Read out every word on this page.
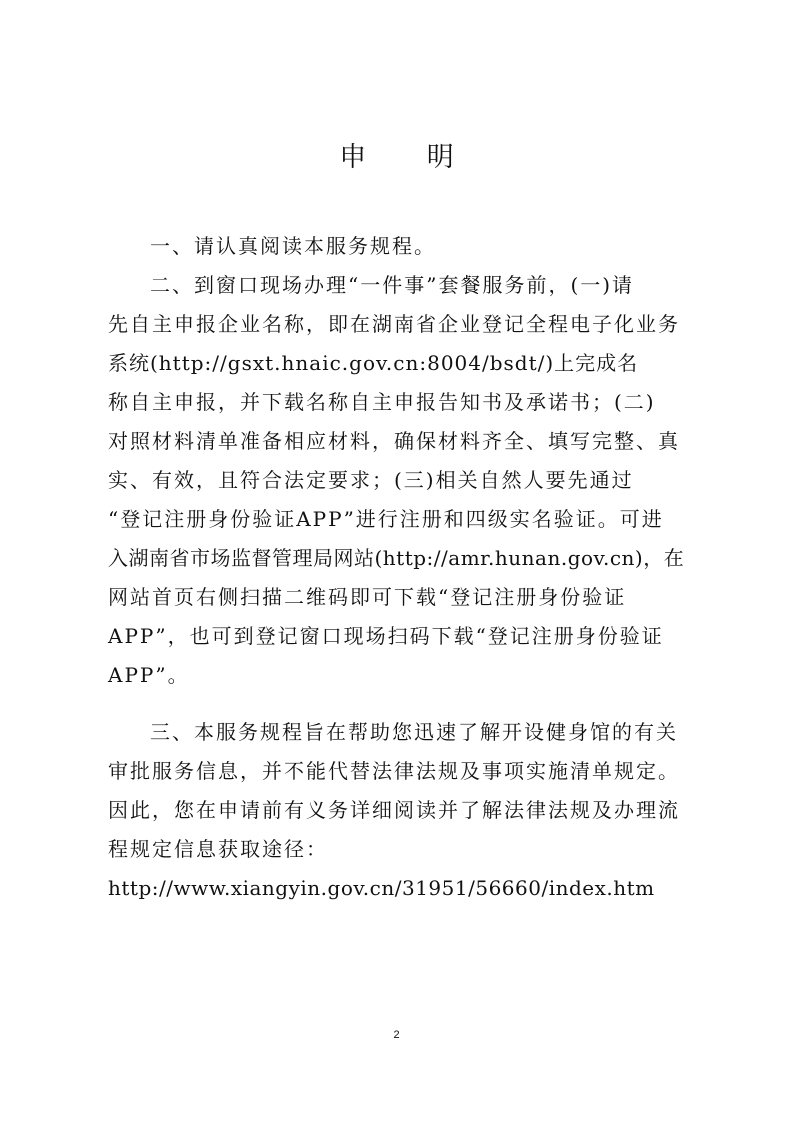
申 明
一、请认真阅读本服务规程。
二、到窗口现场办理“一件事”套餐服务前，(一)请
先自主申报企业名称，即在湖南省企业登记全程电子化业务
系统(http://gsxt.hnaic.gov.cn:8004/bsdt/)上完成名
称自主申报，并下载名称自主申报告知书及承诺书；(二)
对照材料清单准备相应材料，确保材料齐全、填写完整、真
实、有效，且符合法定要求；(三)相关自然人要先通过
“登记注册身份验证APP”进行注册和四级实名验证。可进
入湖南省市场监督管理局网站(http://amr.hunan.gov.cn)，在
网站首页右侧扫描二维码即可下载“登记注册身份验证
APP”，也可到登记窗口现场扫码下载“登记注册身份验证
APP”。
三、本服务规程旨在帮助您迅速了解开设健身馆的有关
审批服务信息，并不能代替法律法规及事项实施清单规定。
因此，您在申请前有义务详细阅读并了解法律法规及办理流
程规定信息获取途径：
http://www.xiangyin.gov.cn/31951/56660/index.htm
2
